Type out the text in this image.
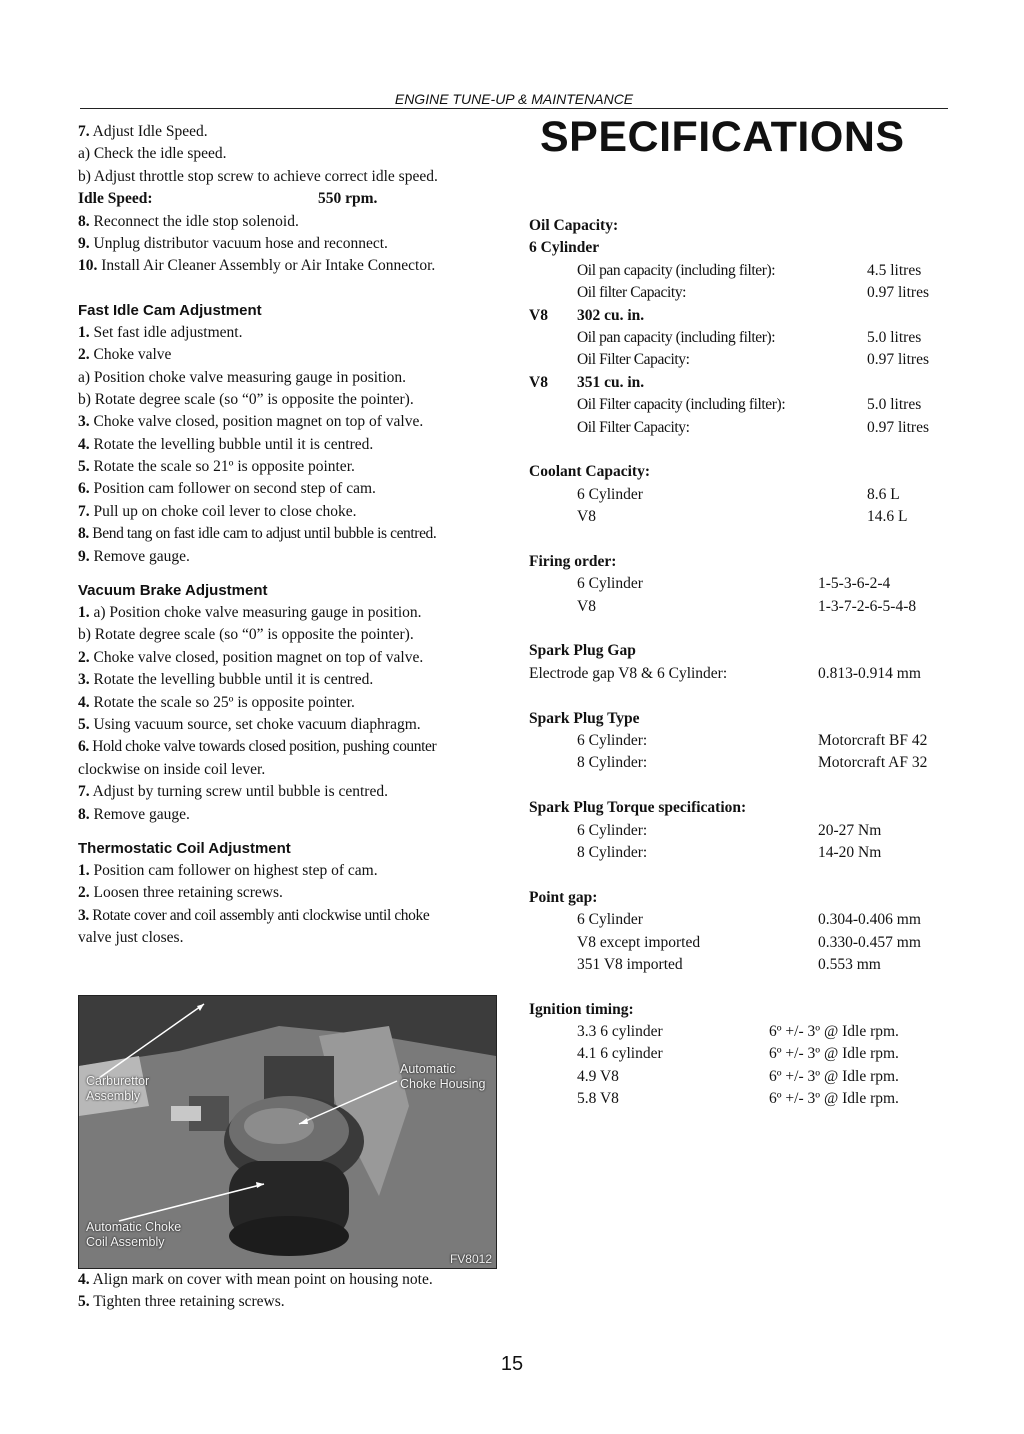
ENGINE TUNE-UP & MAINTENANCE
SPECIFICATIONS
7. Adjust Idle Speed.
a) Check the idle speed.
b) Adjust throttle stop screw to achieve correct idle speed.
Idle Speed:	550 rpm.
8. Reconnect the idle stop solenoid.
9. Unplug distributor vacuum hose and reconnect.
10. Install Air Cleaner Assembly or Air Intake Connector.
Fast Idle Cam Adjustment
1. Set fast idle adjustment.
2. Choke valve
a) Position choke valve measuring gauge in position.
b) Rotate degree scale (so “0” is opposite the pointer).
3. Choke valve closed, position magnet on top of valve.
4. Rotate the levelling bubble until it is centred.
5. Rotate the scale so 21º is opposite pointer.
6. Position cam follower on second step of cam.
7. Pull up on choke coil lever to close choke.
8. Bend tang on fast idle cam to adjust until bubble is centred.
9. Remove gauge.
Vacuum Brake Adjustment
1. a) Position choke valve measuring gauge in position.
b) Rotate degree scale (so “0” is opposite the pointer).
2. Choke valve closed, position magnet on top of valve.
3. Rotate the levelling bubble until it is centred.
4. Rotate the scale so 25º is opposite pointer.
5. Using vacuum source, set choke vacuum diaphragm.
6. Hold choke valve towards closed position, pushing counter
clockwise on inside coil lever.
7. Adjust by turning screw until bubble is centred.
8. Remove gauge.
Thermostatic Coil Adjustment
1. Position cam follower on highest step of cam.
2. Loosen three retaining screws.
3. Rotate cover and coil assembly anti clockwise until choke
valve just closes.
Carburettor
Assembly
Automatic
Choke Housing
Automatic Choke
Coil Assembly
FV8012
4. Align mark on cover with mean point on housing note.
5. Tighten three retaining screws.
Oil Capacity:
6 Cylinder
Oil pan capacity (including filter):	4.5 litres
Oil filter Capacity:	0.97 litres
V8 302 cu. in.
Oil pan capacity (including filter):	5.0 litres
Oil Filter Capacity:	0.97 litres
V8 351 cu. in.
Oil Filter capacity (including filter):	5.0 litres
Oil Filter Capacity:	0.97 litres
Coolant Capacity:
6 Cylinder	8.6 L
V8	14.6 L
Firing order:
6 Cylinder	1-5-3-6-2-4
V8	1-3-7-2-6-5-4-8
Spark Plug Gap
Electrode gap V8 & 6 Cylinder:	0.813-0.914 mm
Spark Plug Type
6 Cylinder:	Motorcraft BF 42
8 Cylinder:	Motorcraft AF 32
Spark Plug Torque specification:
6 Cylinder:	20-27 Nm
8 Cylinder:	14-20 Nm
Point gap:
6 Cylinder	0.304-0.406 mm
V8 except imported	0.330-0.457 mm
351 V8 imported	0.553 mm
Ignition timing:
3.3 6 cylinder	6º +/- 3º @ Idle rpm.
4.1 6 cylinder	6º +/- 3º @ Idle rpm.
4.9 V8	6º +/- 3º @ Idle rpm.
5.8 V8	6º +/- 3º @ Idle rpm.
15
